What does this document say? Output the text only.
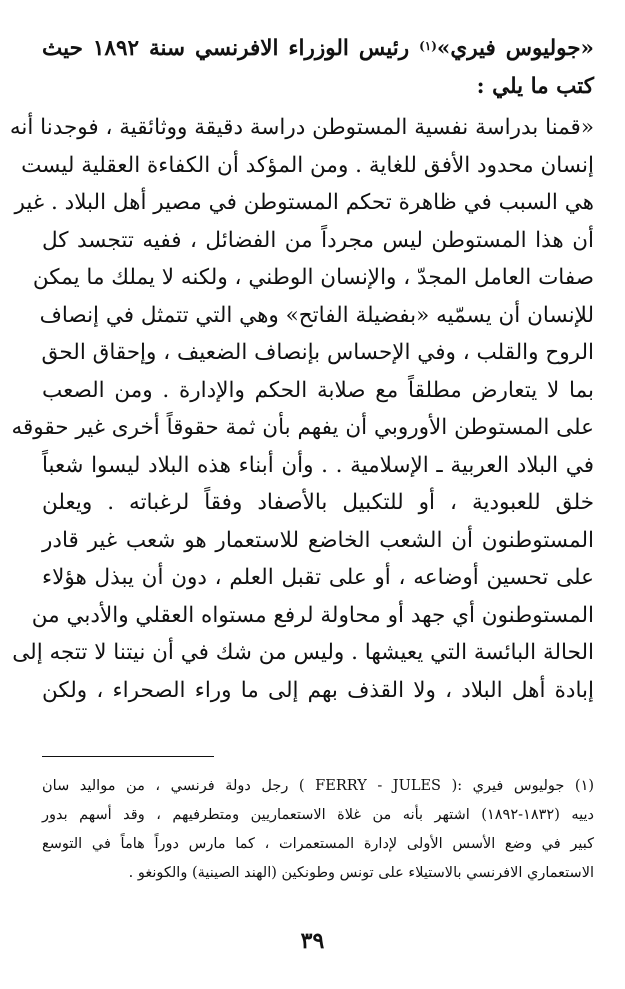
«جوليوس فيري»$^{(١)}$ رئيس الوزراء الافرنسي سنة ١٨٩٢ حيث
كتب ما يلي :
«قمنا بدراسة نفسية المستوطن دراسة دقيقة ووثائقية ، فوجدنا أنه
إنسان محدود الأفق للغاية . ومن المؤكد أن الكفاءة العقلية ليست
هي السبب في ظاهرة تحكم المستوطن في مصير أهل البلاد . غير
أن هذا المستوطن ليس مجرداً من الفضائل ، ففيه تتجسد كل
صفات العامل المجدّ ، والإنسان الوطني ، ولكنه لا يملك ما يمكن
للإنسان أن يسمّيه «بفضيلة الفاتح» وهي التي تتمثل في إنصاف
الروح والقلب ، وفي الإحساس بإنصاف الضعيف ، وإحقاق الحق
بما لا يتعارض مطلقاً مع صلابة الحكم والإدارة . ومن الصعب
على المستوطن الأوروبي أن يفهم بأن ثمة حقوقاً أخرى غير حقوقه
في البلاد العربية ـ الإسلامية . . وأن أبناء هذه البلاد ليسوا شعباً
خلق للعبودية ، أو للتكبيل بالأصفاد وفقاً لرغباته . ويعلن
المستوطنون أن الشعب الخاضع للاستعمار هو شعب غير قادر
على تحسين أوضاعه ، أو على تقبل العلم ، دون أن يبذل هؤلاء
المستوطنون أي جهد أو محاولة لرفع مستواه العقلي والأدبي من
الحالة البائسة التي يعيشها . وليس من شك في أن نيتنا لا تتجه إلى
إبادة أهل البلاد ، ولا القذف بهم إلى ما وراء الصحراء ، ولكن
(١) جوليوس فيري :( FERRY - JULES ) رجل دولة فرنسي ، من مواليد سان
دييه (١٨٣٢-١٨٩٢) اشتهر بأنه من غلاة الاستعماريين ومتطرفيهم ، وقد أسهم بدور
كبير في وضع الأسس الأولى لإدارة المستعمرات ، كما مارس دوراً هاماً في التوسع
الاستعماري الافرنسي بالاستيلاء على تونس وطونكين (الهند الصينية) والكونغو .
٣٩
